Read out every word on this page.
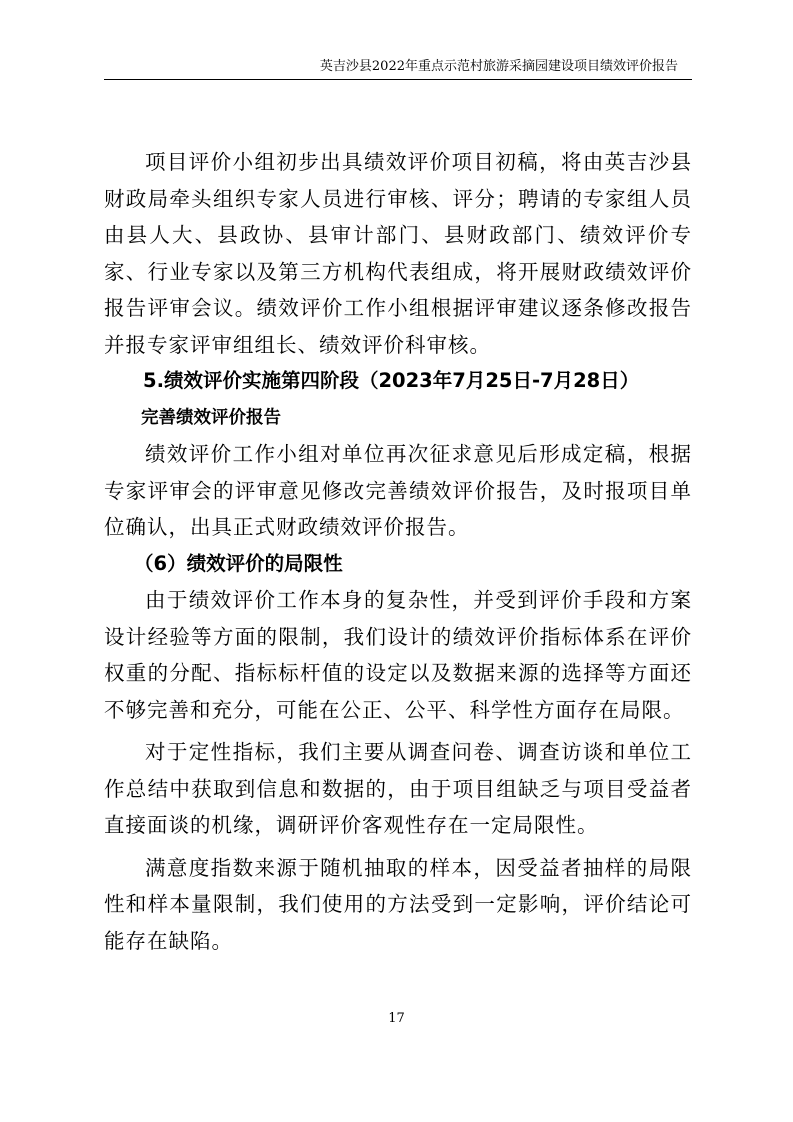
英吉沙县2022年重点示范村旅游采摘园建设项目绩效评价报告

项目评价小组初步出具绩效评价项目初稿，将由英吉沙县财政局牵头组织专家人员进行审核、评分；聘请的专家组人员由县人大、县政协、县审计部门、县财政部门、绩效评价专家、行业专家以及第三方机构代表组成，将开展财政绩效评价报告评审会议。绩效评价工作小组根据评审建议逐条修改报告并报专家评审组组长、绩效评价科审核。

5.绩效评价实施第四阶段（2023年7月25日-7月28日）
完善绩效评价报告

绩效评价工作小组对单位再次征求意见后形成定稿，根据专家评审会的评审意见修改完善绩效评价报告，及时报项目单位确认，出具正式财政绩效评价报告。

（6）绩效评价的局限性

由于绩效评价工作本身的复杂性，并受到评价手段和方案设计经验等方面的限制，我们设计的绩效评价指标体系在评价权重的分配、指标标杆值的设定以及数据来源的选择等方面还不够完善和充分，可能在公正、公平、科学性方面存在局限。

对于定性指标，我们主要从调查问卷、调查访谈和单位工作总结中获取到信息和数据的，由于项目组缺乏与项目受益者直接面谈的机缘，调研评价客观性存在一定局限性。

满意度指数来源于随机抽取的样本，因受益者抽样的局限性和样本量限制，我们使用的方法受到一定影响，评价结论可能存在缺陷。

17
